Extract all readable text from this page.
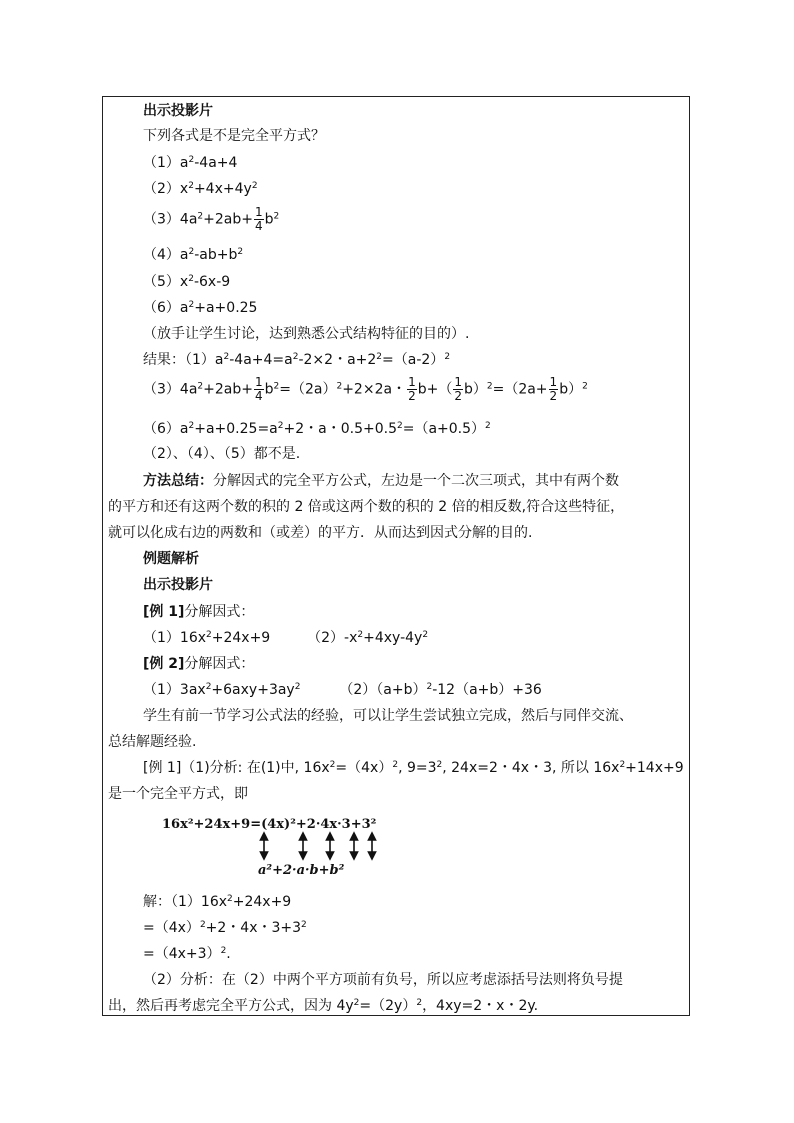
出示投影片
下列各式是不是完全平方式？
$(1)a^2-4a+4$
$(2)x^2+4x+4y^2$
$(3)4a^2+2ab+ \frac{1}{4} b^2$
$(4)a^2-ab+b^2$
$(5)x^2-6x-9$
$(6)a^2+a+0.25$
（放手让学生讨论，达到熟悉公式结构特征的目的）.
结果：$(1)a^2-4a+4=a^2-2\times 2$・$a+2^2=(a-2)^2$
$(3)4a^2+2ab+ \frac{1}{4} b^2=(2a)^2+2\times 2a$・ $\frac{1}{2} b+( \frac{1}{2} b)^2=(2a+ \frac{1}{2} b)^2$
$(6)a^2+a+0.25=a^2+2$・a・$0.5+0.5^2=(a+0.5)^2$
（2）、（4）、（5）都不是.
方法总结：分解因式的完全平方公式，左边是一个二次三项式，其中有两个数
的平方和还有这两个数的积的 2 倍或这两个数的积的 2 倍的相反数,符合这些特征，
就可以化成右边的两数和（或差）的平方．从而达到因式分解的目的.
例题解析
出示投影片
[例 1]分解因式：
$(1)16x^2+24x+9$	$(2)-x^2+4xy-4y^2$
[例 2]分解因式：
$(1)3ax^2+6axy+3ay^2$	$(2)(a+b)^2-12(a+b)+36$
学生有前一节学习公式法的经验，可以让学生尝试独立完成，然后与同伴交流、
总结解题经验.
[例 1]（1)分析: 在(1)中, $16x^2=(4x)^2$, $9=3^2$, 24x=2・4x・3, 所以 $16x^2+14x+9$
是一个完全平方式，即
16x²+24x+9=(4x)²+2·4x·3+3²
a²+2·a·b+b²
解：$(1)16x^2+24x+9$
$=(4x)^2+2$・4x・$3+3^2$
$=(4x+3)^2$.
（2）分析：在（2）中两个平方项前有负号，所以应考虑添括号法则将负号提
出，然后再考虑完全平方公式，因为 $4y^2=(2y)^2$，4xy=2・x・2y.
